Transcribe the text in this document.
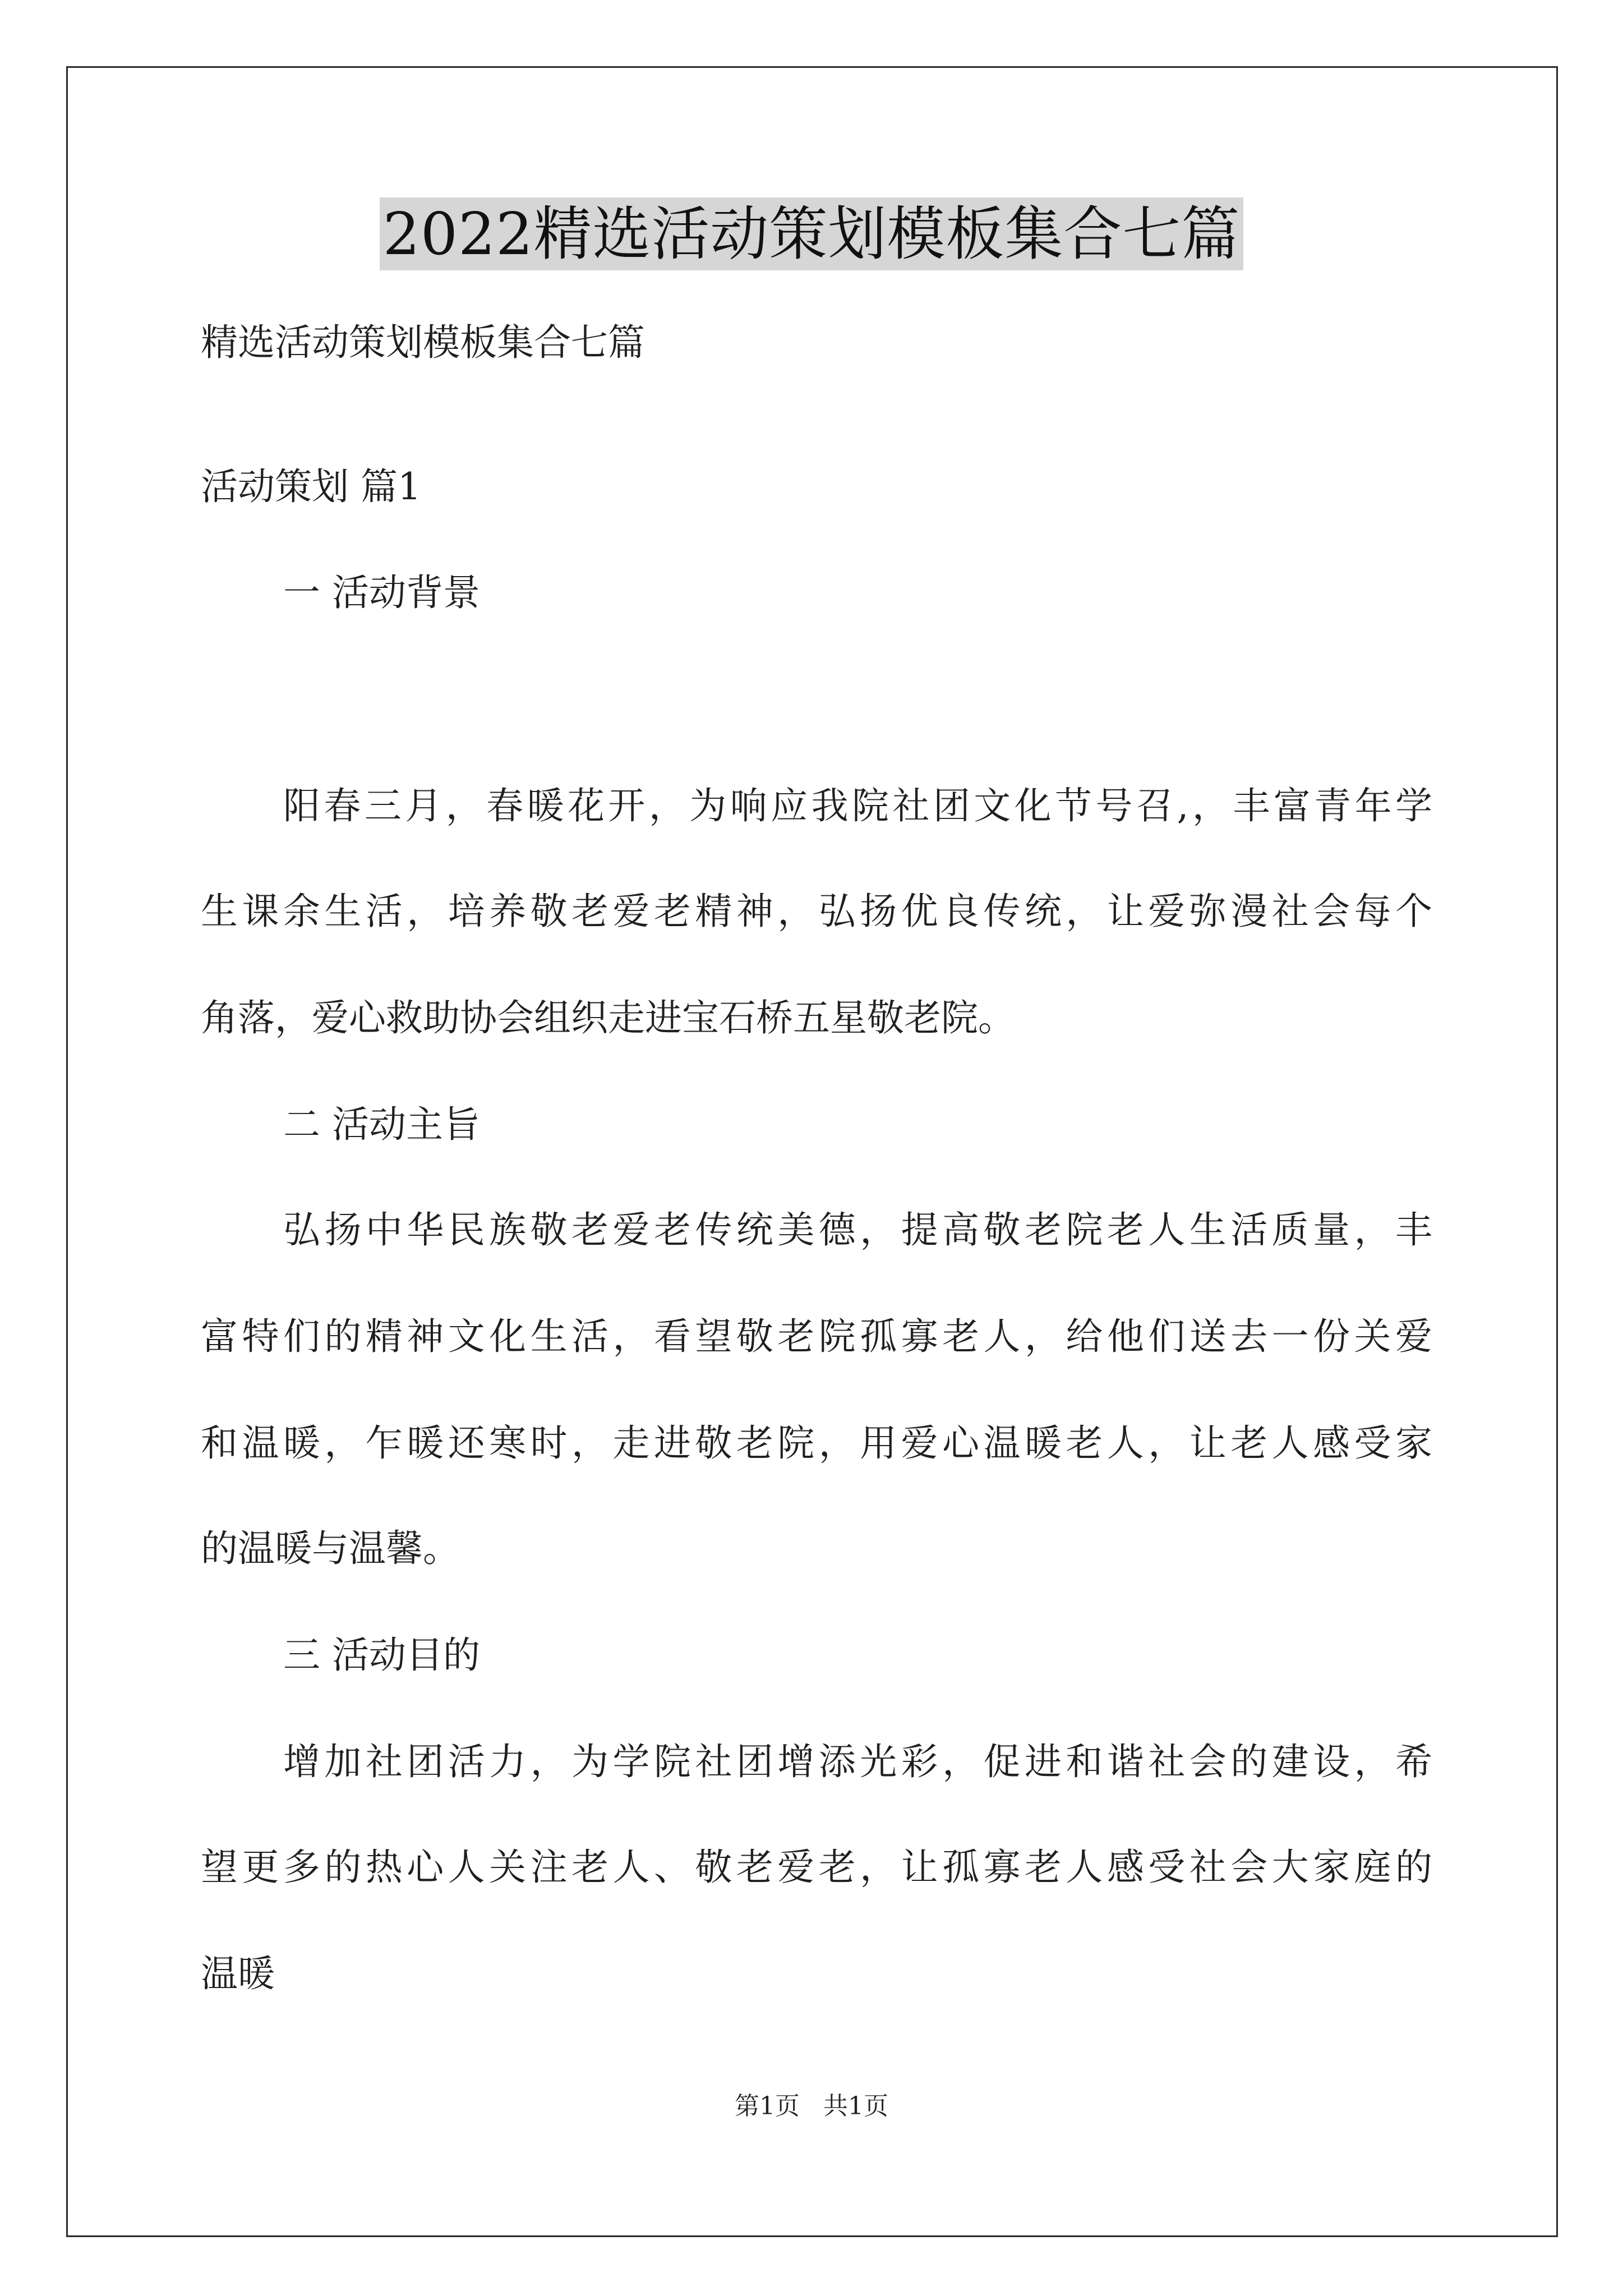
2022精选活动策划模板集合七篇
精选活动策划模板集合七篇
活动策划 篇1
一 活动背景
阳春三月，春暖花开，为响应我院社团文化节号召,，丰富青年学
生课余生活，培养敬老爱老精神，弘扬优良传统，让爱弥漫社会每个
角落，爱心救助协会组织走进宝石桥五星敬老院。
二 活动主旨
弘扬中华民族敬老爱老传统美德，提高敬老院老人生活质量，丰
富特们的精神文化生活，看望敬老院孤寡老人，给他们送去一份关爱
和温暖，乍暖还寒时，走进敬老院，用爱心温暖老人，让老人感受家
的温暖与温馨。
三 活动目的
增加社团活力，为学院社团增添光彩，促进和谐社会的建设，希
望更多的热心人关注老人、敬老爱老，让孤寡老人感受社会大家庭的
温暖
第1页   共1页
